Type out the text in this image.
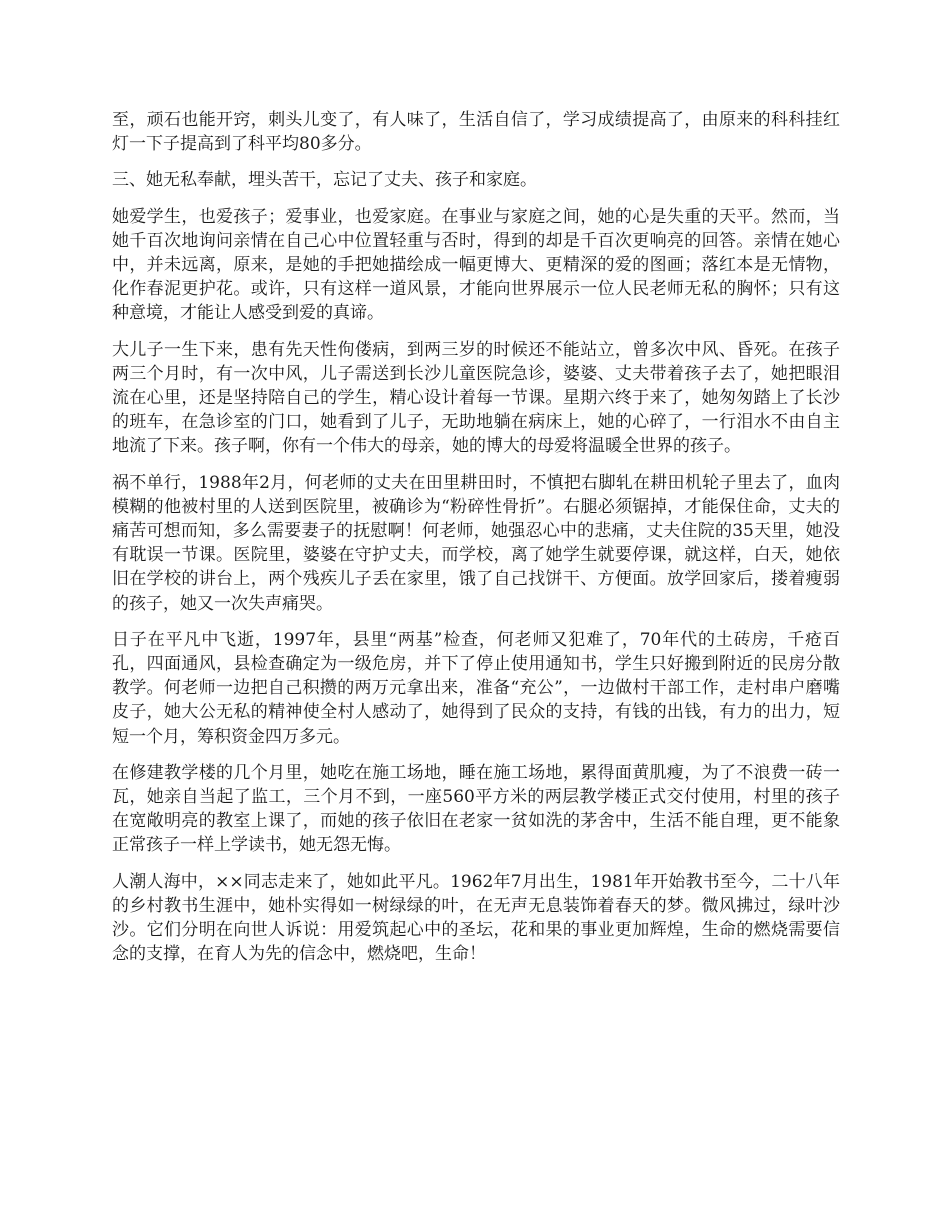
至，顽石也能开窍，刺头儿变了，有人味了，生活自信了，学习成绩提高了，由原来的科科挂红灯一下子提高到了科平均80多分。

三、她无私奉献，埋头苦干，忘记了丈夫、孩子和家庭。

她爱学生，也爱孩子；爱事业，也爱家庭。在事业与家庭之间，她的心是失重的天平。然而，当她千百次地询问亲情在自己心中位置轻重与否时，得到的却是千百次更响亮的回答。亲情在她心中，并未远离，原来，是她的手把她描绘成一幅更博大、更精深的爱的图画；落红本是无情物，化作春泥更护花。或许，只有这样一道风景，才能向世界展示一位人民老师无私的胸怀；只有这种意境，才能让人感受到爱的真谛。

大儿子一生下来，患有先天性佝偻病，到两三岁的时候还不能站立，曾多次中风、昏死。在孩子两三个月时，有一次中风，儿子需送到长沙儿童医院急诊，婆婆、丈夫带着孩子去了，她把眼泪流在心里，还是坚持陪自己的学生，精心设计着每一节课。星期六终于来了，她匆匆踏上了长沙的班车，在急诊室的门口，她看到了儿子，无助地躺在病床上，她的心碎了，一行泪水不由自主地流了下来。孩子啊，你有一个伟大的母亲，她的博大的母爱将温暖全世界的孩子。

祸不单行，1988年2月，何老师的丈夫在田里耕田时，不慎把右脚轧在耕田机轮子里去了，血肉模糊的他被村里的人送到医院里，被确诊为“粉碎性骨折”。右腿必须锯掉，才能保住命，丈夫的痛苦可想而知，多么需要妻子的抚慰啊！何老师，她强忍心中的悲痛，丈夫住院的35天里，她没有耽误一节课。医院里，婆婆在守护丈夫，而学校，离了她学生就要停课，就这样，白天，她依旧在学校的讲台上，两个残疾儿子丢在家里，饿了自己找饼干、方便面。放学回家后，搂着瘦弱的孩子，她又一次失声痛哭。

日子在平凡中飞逝，1997年，县里“两基”检查，何老师又犯难了，70年代的土砖房，千疮百孔，四面通风，县检查确定为一级危房，并下了停止使用通知书，学生只好搬到附近的民房分散教学。何老师一边把自己积攒的两万元拿出来，准备“充公”，一边做村干部工作，走村串户磨嘴皮子，她大公无私的精神使全村人感动了，她得到了民众的支持，有钱的出钱，有力的出力，短短一个月，筹积资金四万多元。

在修建教学楼的几个月里，她吃在施工场地，睡在施工场地，累得面黄肌瘦，为了不浪费一砖一瓦，她亲自当起了监工，三个月不到，一座560平方米的两层教学楼正式交付使用，村里的孩子在宽敞明亮的教室上课了，而她的孩子依旧在老家一贫如洗的茅舍中，生活不能自理，更不能象正常孩子一样上学读书，她无怨无悔。

人潮人海中，××同志走来了，她如此平凡。1962年7月出生，1981年开始教书至今，二十八年的乡村教书生涯中，她朴实得如一树绿绿的叶，在无声无息装饰着春天的梦。微风拂过，绿叶沙沙。它们分明在向世人诉说：用爱筑起心中的圣坛，花和果的事业更加辉煌，生命的燃烧需要信念的支撑，在育人为先的信念中，燃烧吧，生命！
